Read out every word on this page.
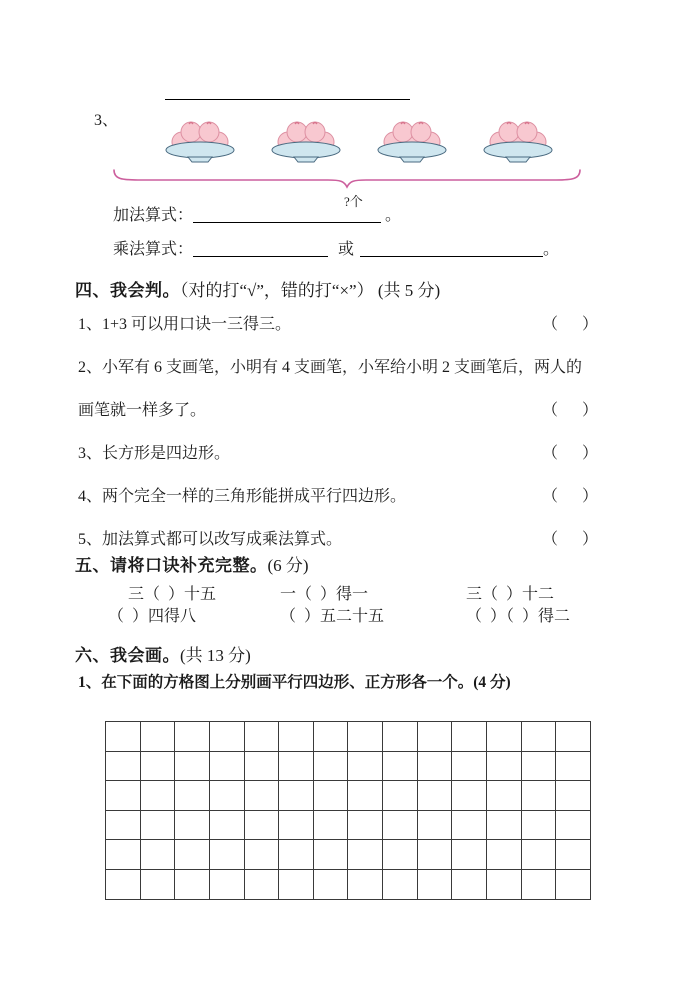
3、
?个
加法算式：	。
乘法算式：	或	。
四、我会判。（对的打“√”，错的打“×”） (共 5 分)
1、1+3 可以用口诀一三得三。	（      ）
2、小军有 6 支画笔，小明有 4 支画笔，小军给小明 2 支画笔后，两人的
画笔就一样多了。	（      ）
3、长方形是四边形。	（      ）
4、两个完全一样的三角形能拼成平行四边形。	（      ）
5、加法算式都可以改写成乘法算式。	（      ）
五、请将口诀补充完整。(6 分)
三（  ）十五	一（  ）得一	三（  ）十二
（  ）四得八	（  ）五二十五	（  ）（  ）得二
六、我会画。(共 13 分)
1、在下面的方格图上分别画平行四边形、正方形各一个。(4 分)
